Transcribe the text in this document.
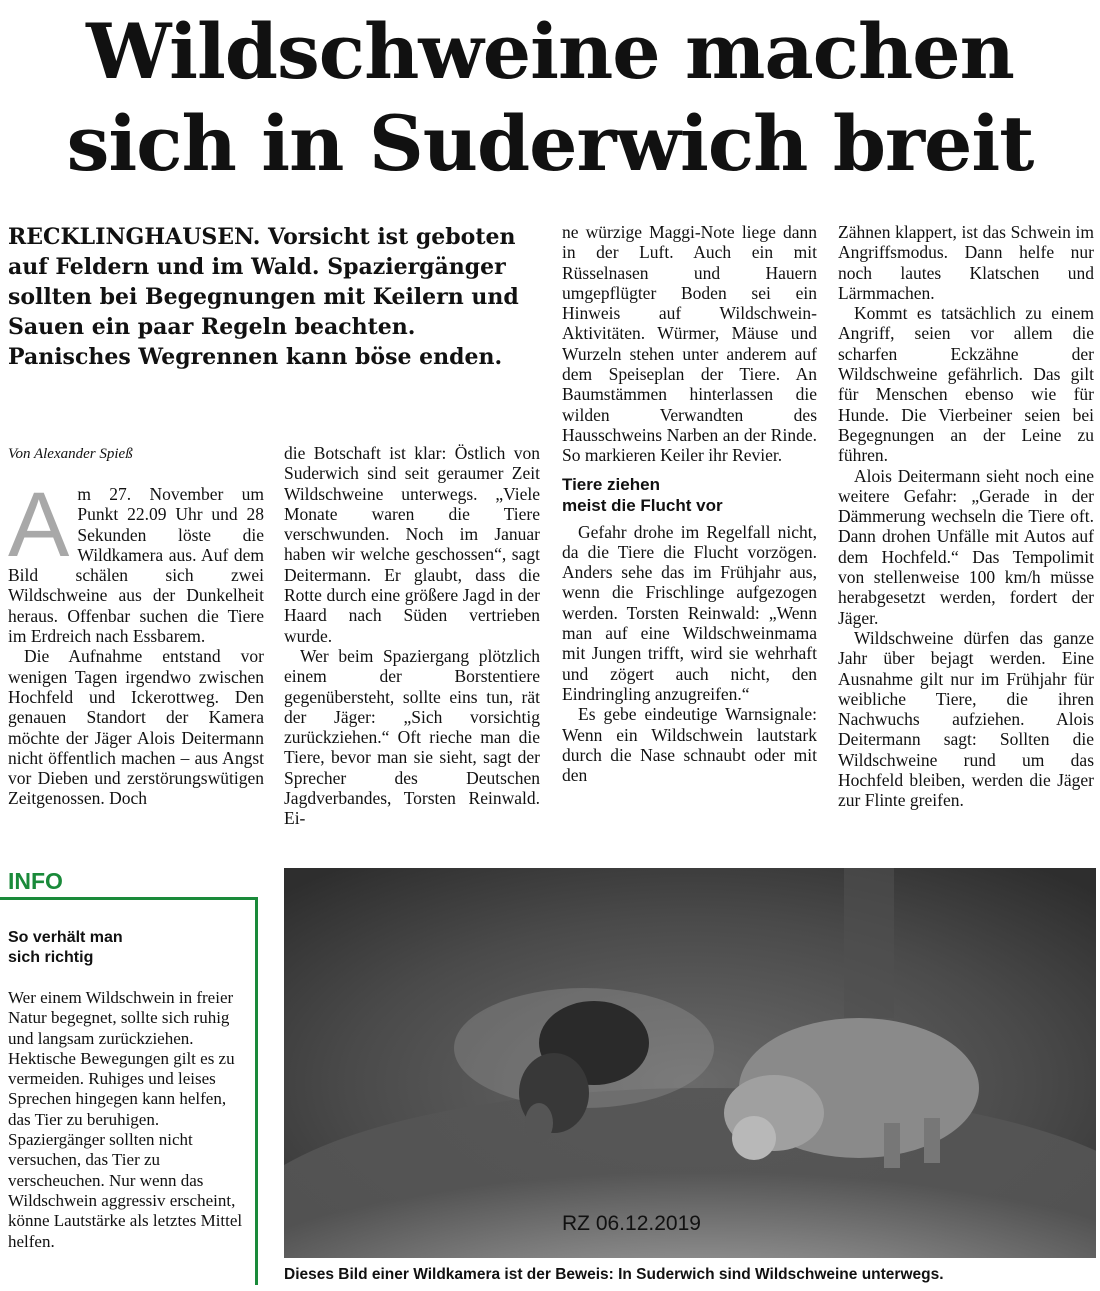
Wildschweine machen
sich in Suderwich breit

RECKLINGHAUSEN. Vorsicht ist geboten auf Feldern und im Wald. Spaziergänger sollten bei Begegnungen mit Keilern und Sauen ein paar Regeln beachten. Panisches Wegrennen kann böse enden.

Von Alexander Spieß
A m 27. November um Punkt 22.09 Uhr und 28 Sekunden löste die Wildkamera aus. Auf dem Bild schälen sich zwei Wildschweine aus der Dunkelheit heraus. Offenbar suchen die Tiere im Erdreich nach Essbarem.

Die Aufnahme entstand vor wenigen Tagen irgendwo zwischen Hochfeld und Ickerottweg. Den genauen Standort der Kamera möchte der Jäger Alois Deitermann nicht öffentlich machen – aus Angst vor Dieben und zerstörungswütigen Zeitgenossen. Doch

die Botschaft ist klar: Östlich von Suderwich sind seit geraumer Zeit Wildschweine unterwegs. „Viele Monate waren die Tiere verschwunden. Noch im Januar haben wir welche geschossen“, sagt Deitermann. Er glaubt, dass die Rotte durch eine größere Jagd in der Haard nach Süden vertrieben wurde.

Wer beim Spaziergang plötzlich einem der Borstentiere gegenübersteht, sollte eins tun, rät der Jäger: „Sich vorsichtig zurückziehen.“ Oft rieche man die Tiere, bevor man sie sieht, sagt der Sprecher des Deutschen Jagdverbandes, Torsten Reinwald. Ei-

ne würzige Maggi-Note liege dann in der Luft. Auch ein mit Rüsselnasen und Hauern umgepflügter Boden sei ein Hinweis auf Wildschwein-Aktivitäten. Würmer, Mäuse und Wurzeln stehen unter anderem auf dem Speiseplan der Tiere. An Baumstämmen hinterlassen die wilden Verwandten des Hausschweins Narben an der Rinde. So markieren Keiler ihr Revier.

Tiere ziehen
meist die Flucht vor

Gefahr drohe im Regelfall nicht, da die Tiere die Flucht vorzögen. Anders sehe das im Frühjahr aus, wenn die Frischlinge aufgezogen werden. Torsten Reinwald: „Wenn man auf eine Wildschweinmama mit Jungen trifft, wird sie wehrhaft und zögert auch nicht, den Eindringling anzugreifen.“

Es gebe eindeutige Warnsignale: Wenn ein Wildschwein lautstark durch die Nase schnaubt oder mit den

Zähnen klappert, ist das Schwein im Angriffsmodus. Dann helfe nur noch lautes Klatschen und Lärmmachen.

Kommt es tatsächlich zu einem Angriff, seien vor allem die scharfen Eckzähne der Wildschweine gefährlich. Das gilt für Menschen ebenso wie für Hunde. Die Vierbeiner seien bei Begegnungen an der Leine zu führen.

Alois Deitermann sieht noch eine weitere Gefahr: „Gerade in der Dämmerung wechseln die Tiere oft. Dann drohen Unfälle mit Autos auf dem Hochfeld.“ Das Tempolimit von stellenweise 100 km/h müsse herabgesetzt werden, fordert der Jäger.

Wildschweine dürfen das ganze Jahr über bejagt werden. Eine Ausnahme gilt nur im Frühjahr für weibliche Tiere, die ihren Nachwuchs aufziehen. Alois Deitermann sagt: Sollten die Wildschweine rund um das Hochfeld bleiben, werden die Jäger zur Flinte greifen.

INFO

So verhält man
sich richtig

Wer einem Wildschwein in freier Natur begegnet, sollte sich ruhig und langsam zurückziehen. Hektische Bewegungen gilt es zu vermeiden. Ruhiges und leises Sprechen hingegen kann helfen, das Tier zu beruhigen. Spaziergänger sollten nicht versuchen, das Tier zu verscheuchen. Nur wenn das Wildschwein aggressiv erscheint, könne Lautstärke als letztes Mittel helfen.

RZ 06.12.2019

Dieses Bild einer Wildkamera ist der Beweis: In Suderwich sind Wildschweine unterwegs.
